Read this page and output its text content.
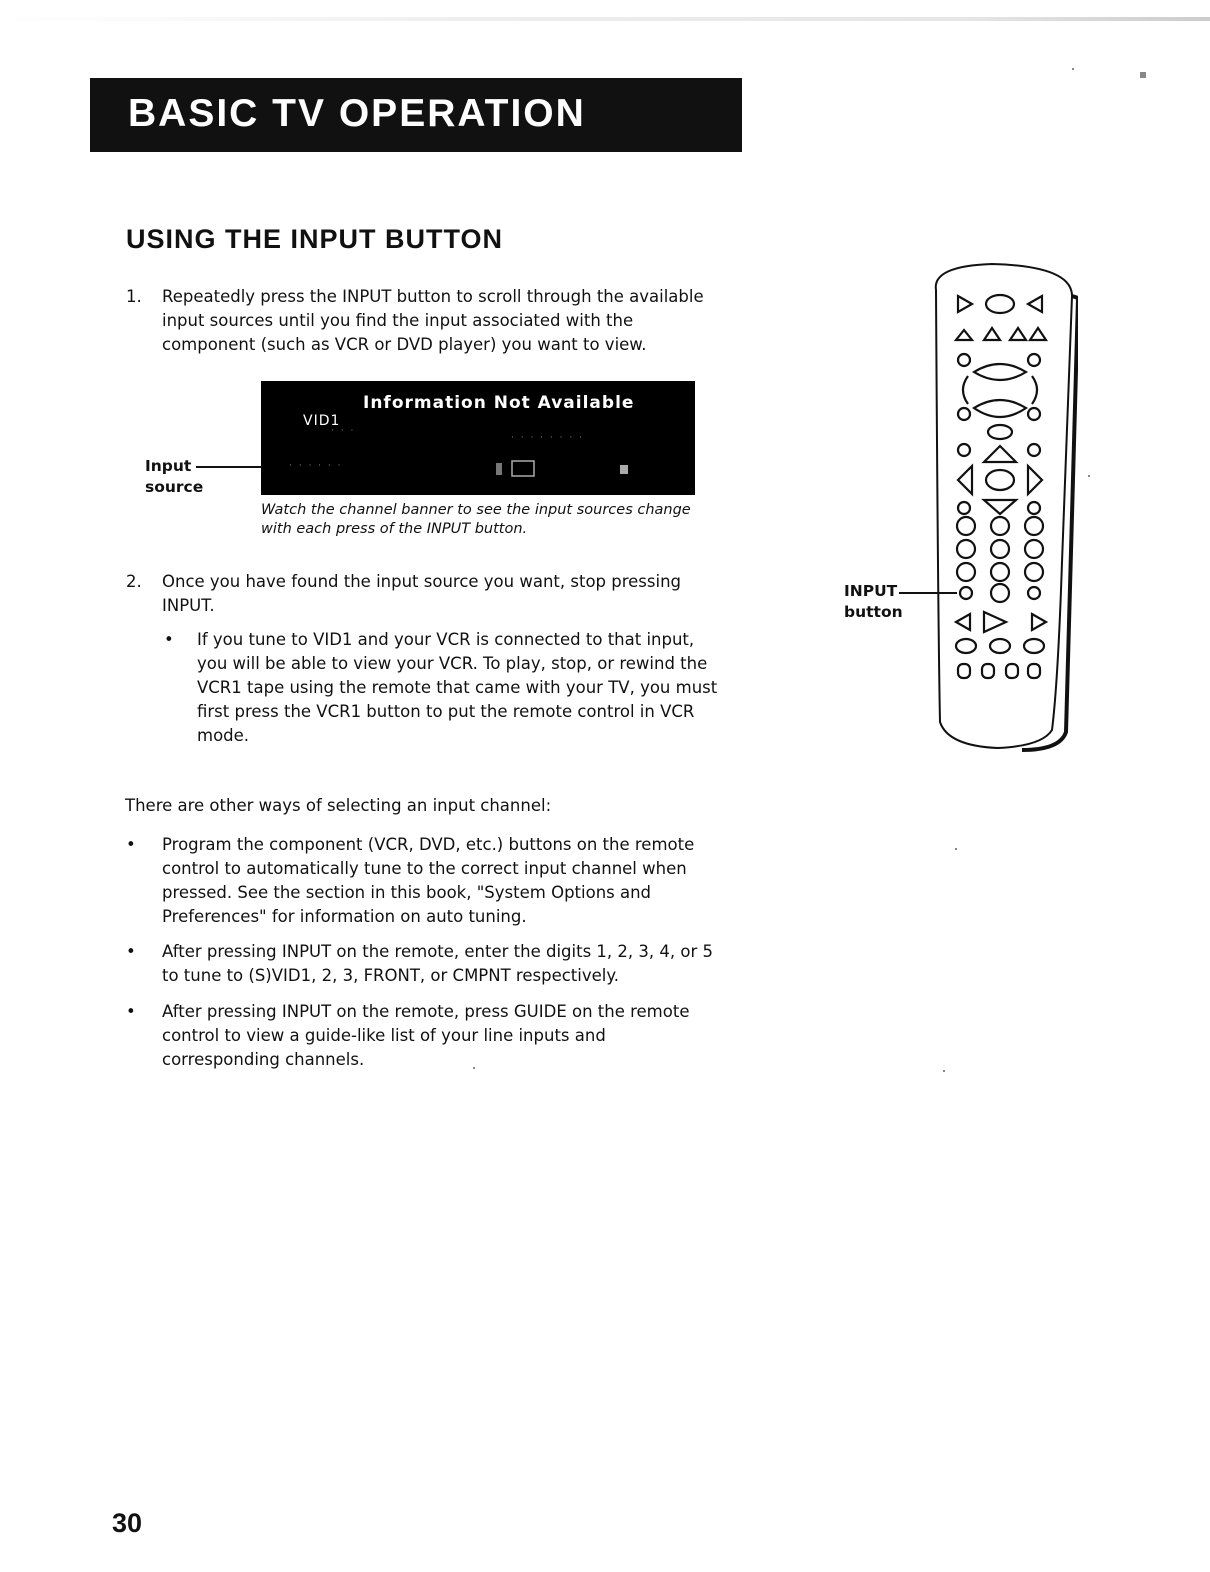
BASIC TV OPERATION
USING THE INPUT BUTTON
1. Repeatedly press the INPUT button to scroll through the available
input sources until you find the input associated with the
component (such as VCR or DVD player) you want to view.
Information Not Available
VID1
· · ·
· · · · · · · ·
· · · · · ·
Input
source
Watch the channel banner to see the input sources change
with each press of the INPUT button.
2. Once you have found the input source you want, stop pressing
INPUT.
• If you tune to VID1 and your VCR is connected to that input,
you will be able to view your VCR. To play, stop, or rewind the
VCR1 tape using the remote that came with your TV, you must
first press the VCR1 button to put the remote control in VCR
mode.
INPUT
button
There are other ways of selecting an input channel:
• Program the component (VCR, DVD, etc.) buttons on the remote
control to automatically tune to the correct input channel when
pressed. See the section in this book, "System Options and
Preferences" for information on auto tuning.
• After pressing INPUT on the remote, enter the digits 1, 2, 3, 4, or 5
to tune to (S)VID1, 2, 3, FRONT, or CMPNT respectively.
• After pressing INPUT on the remote, press GUIDE on the remote
control to view a guide-like list of your line inputs and
corresponding channels.
30
